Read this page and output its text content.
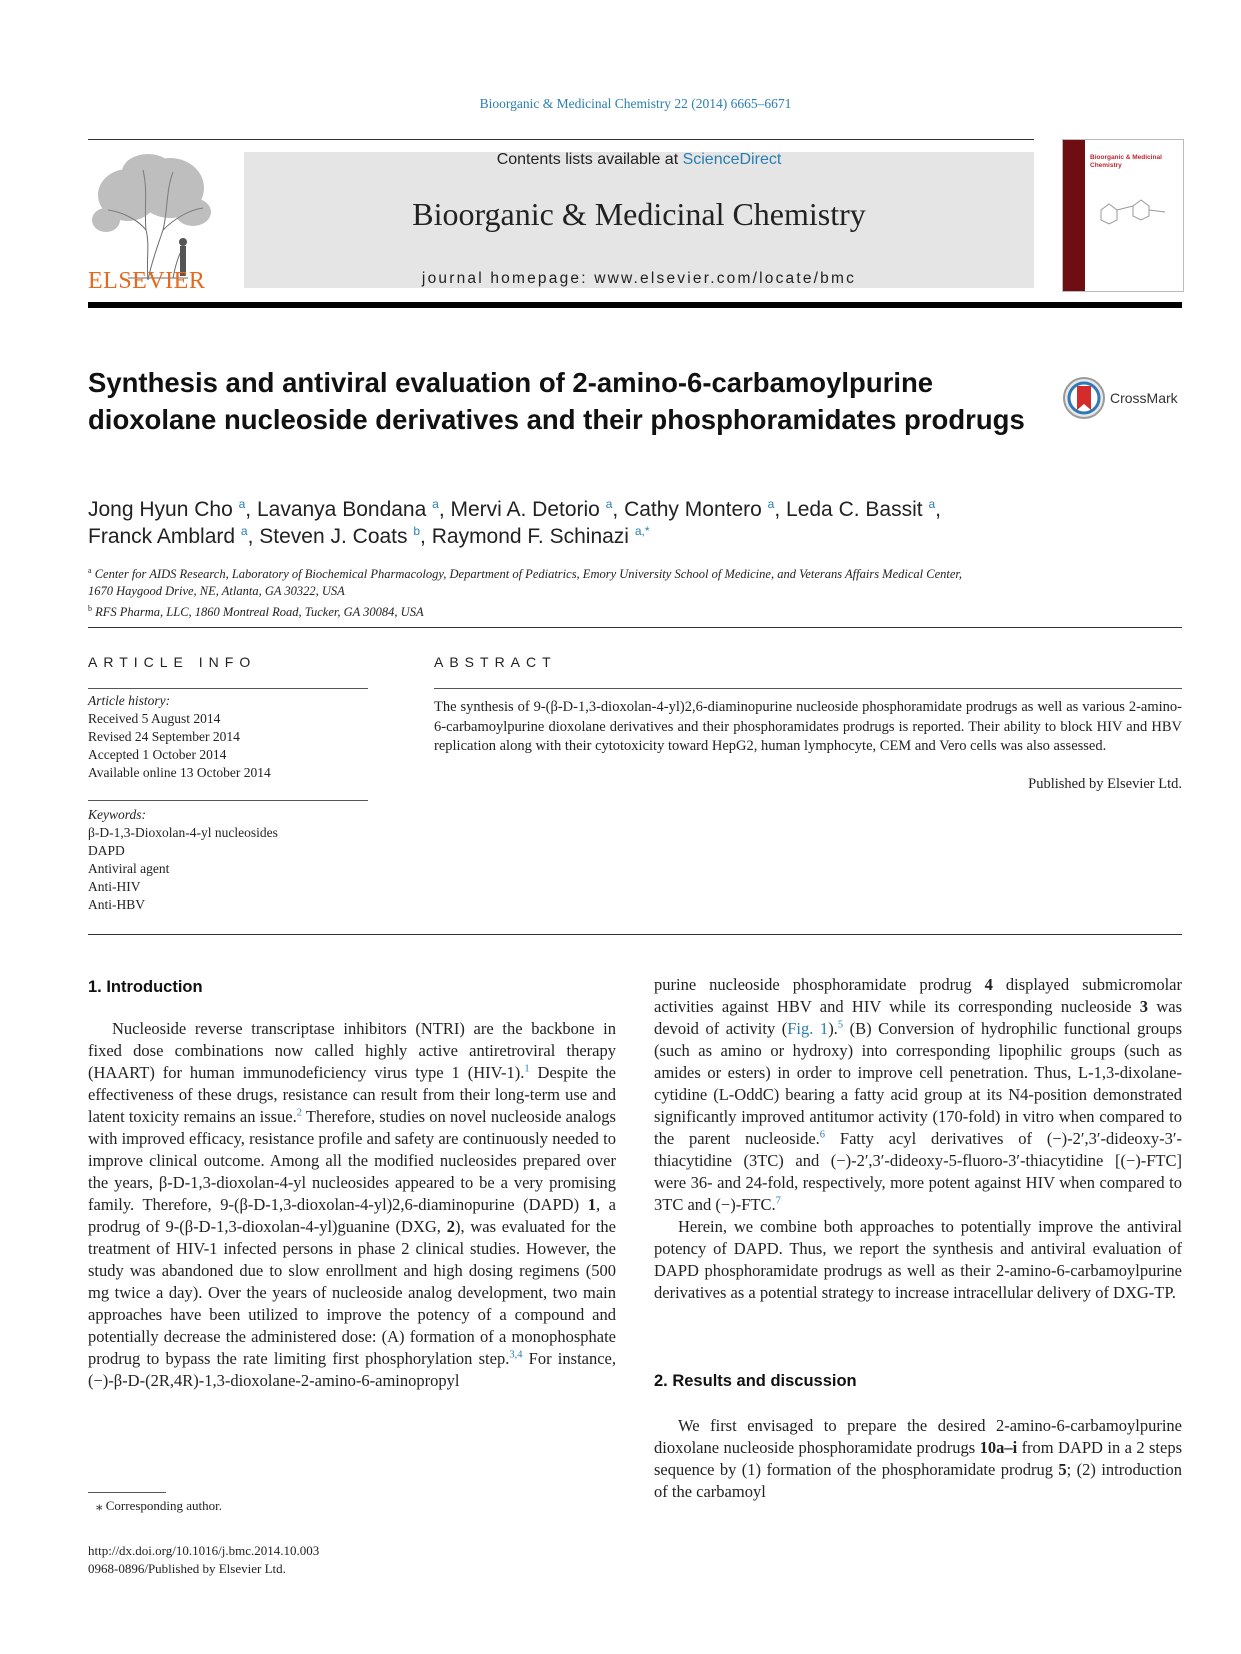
Bioorganic & Medicinal Chemistry 22 (2014) 6665–6671
ELSEVIER
Contents lists available at ScienceDirect
Bioorganic & Medicinal Chemistry
journal homepage: www.elsevier.com/locate/bmc
Bioorganic & Medicinal Chemistry
Synthesis and antiviral evaluation of 2-amino-6-carbamoylpurine dioxolane nucleoside derivatives and their phosphoramidates prodrugs
CrossMark
Jong Hyun Cho $^a$, Lavanya Bondana $^a$, Mervi A. Detorio $^a$, Cathy Montero $^a$, Leda C. Bassit $^a$,
Franck Amblard $^a$, Steven J. Coats $^b$, Raymond F. Schinazi $^{a,*}$
$^a$ Center for AIDS Research, Laboratory of Biochemical Pharmacology, Department of Pediatrics, Emory University School of Medicine, and Veterans Affairs Medical Center,
1670 Haygood Drive, NE, Atlanta, GA 30322, USA
$^b$ RFS Pharma, LLC, 1860 Montreal Road, Tucker, GA 30084, USA
ARTICLE INFO
Article history:
Received 5 August 2014
Revised 24 September 2014
Accepted 1 October 2014
Available online 13 October 2014
Keywords:
β-D-1,3-Dioxolan-4-yl nucleosides
DAPD
Antiviral agent
Anti-HIV
Anti-HBV
ABSTRACT
The synthesis of 9-(β-D-1,3-dioxolan-4-yl)2,6-diaminopurine nucleoside phosphoramidate prodrugs as well as various 2-amino-6-carbamoylpurine dioxolane derivatives and their phosphoramidates prodrugs is reported. Their ability to block HIV and HBV replication along with their cytotoxicity toward HepG2, human lymphocyte, CEM and Vero cells was also assessed.
Published by Elsevier Ltd.
1. Introduction

Nucleoside reverse transcriptase inhibitors (NTRI) are the backbone in fixed dose combinations now called highly active antiretroviral therapy (HAART) for human immunodeficiency virus type 1 (HIV-1).$^1$ Despite the effectiveness of these drugs, resistance can result from their long-term use and latent toxicity remains an issue.$^2$ Therefore, studies on novel nucleoside analogs with improved efficacy, resistance profile and safety are continuously needed to improve clinical outcome. Among all the modified nucleosides prepared over the years, β-D-1,3-dioxolan-4-yl nucleosides appeared to be a very promising family. Therefore, 9-(β-D-1,3-dioxolan-4-yl)2,6-diaminopurine (DAPD) 1, a prodrug of 9-(β-D-1,3-dioxolan-4-yl)guanine (DXG, 2), was evaluated for the treatment of HIV-1 infected persons in phase 2 clinical studies. However, the study was abandoned due to slow enrollment and high dosing regimens (500 mg twice a day). Over the years of nucleoside analog development, two main approaches have been utilized to improve the potency of a compound and potentially decrease the administered dose: (A) formation of a monophosphate prodrug to bypass the rate limiting first phosphorylation step.$^{3,4}$ For instance, (−)-β-D-(2R,4R)-1,3-dioxolane-2-amino-6-aminopropyl

⁎ Corresponding author.
http://dx.doi.org/10.1016/j.bmc.2014.10.003
0968-0896/Published by Elsevier Ltd.

purine nucleoside phosphoramidate prodrug 4 displayed submicromolar activities against HBV and HIV while its corresponding nucleoside 3 was devoid of activity (Fig. 1).$^5$ (B) Conversion of hydrophilic functional groups (such as amino or hydroxy) into corresponding lipophilic groups (such as amides or esters) in order to improve cell penetration. Thus, L-1,3-dixolane-cytidine (L-OddC) bearing a fatty acid group at its N4-position demonstrated significantly improved antitumor activity (170-fold) in vitro when compared to the parent nucleoside.$^6$ Fatty acyl derivatives of (−)-2′,3′-dideoxy-3′-thiacytidine (3TC) and (−)-2′,3′-dideoxy-5-fluoro-3′-thiacytidine [(−)-FTC] were 36- and 24-fold, respectively, more potent against HIV when compared to 3TC and (−)-FTC.$^7$

Herein, we combine both approaches to potentially improve the antiviral potency of DAPD. Thus, we report the synthesis and antiviral evaluation of DAPD phosphoramidate prodrugs as well as their 2-amino-6-carbamoylpurine derivatives as a potential strategy to increase intracellular delivery of DXG-TP.

2. Results and discussion

We first envisaged to prepare the desired 2-amino-6-carbamoylpurine dioxolane nucleoside phosphoramidate prodrugs 10a–i from DAPD in a 2 steps sequence by (1) formation of the phosphoramidate prodrug 5; (2) introduction of the carbamoyl
